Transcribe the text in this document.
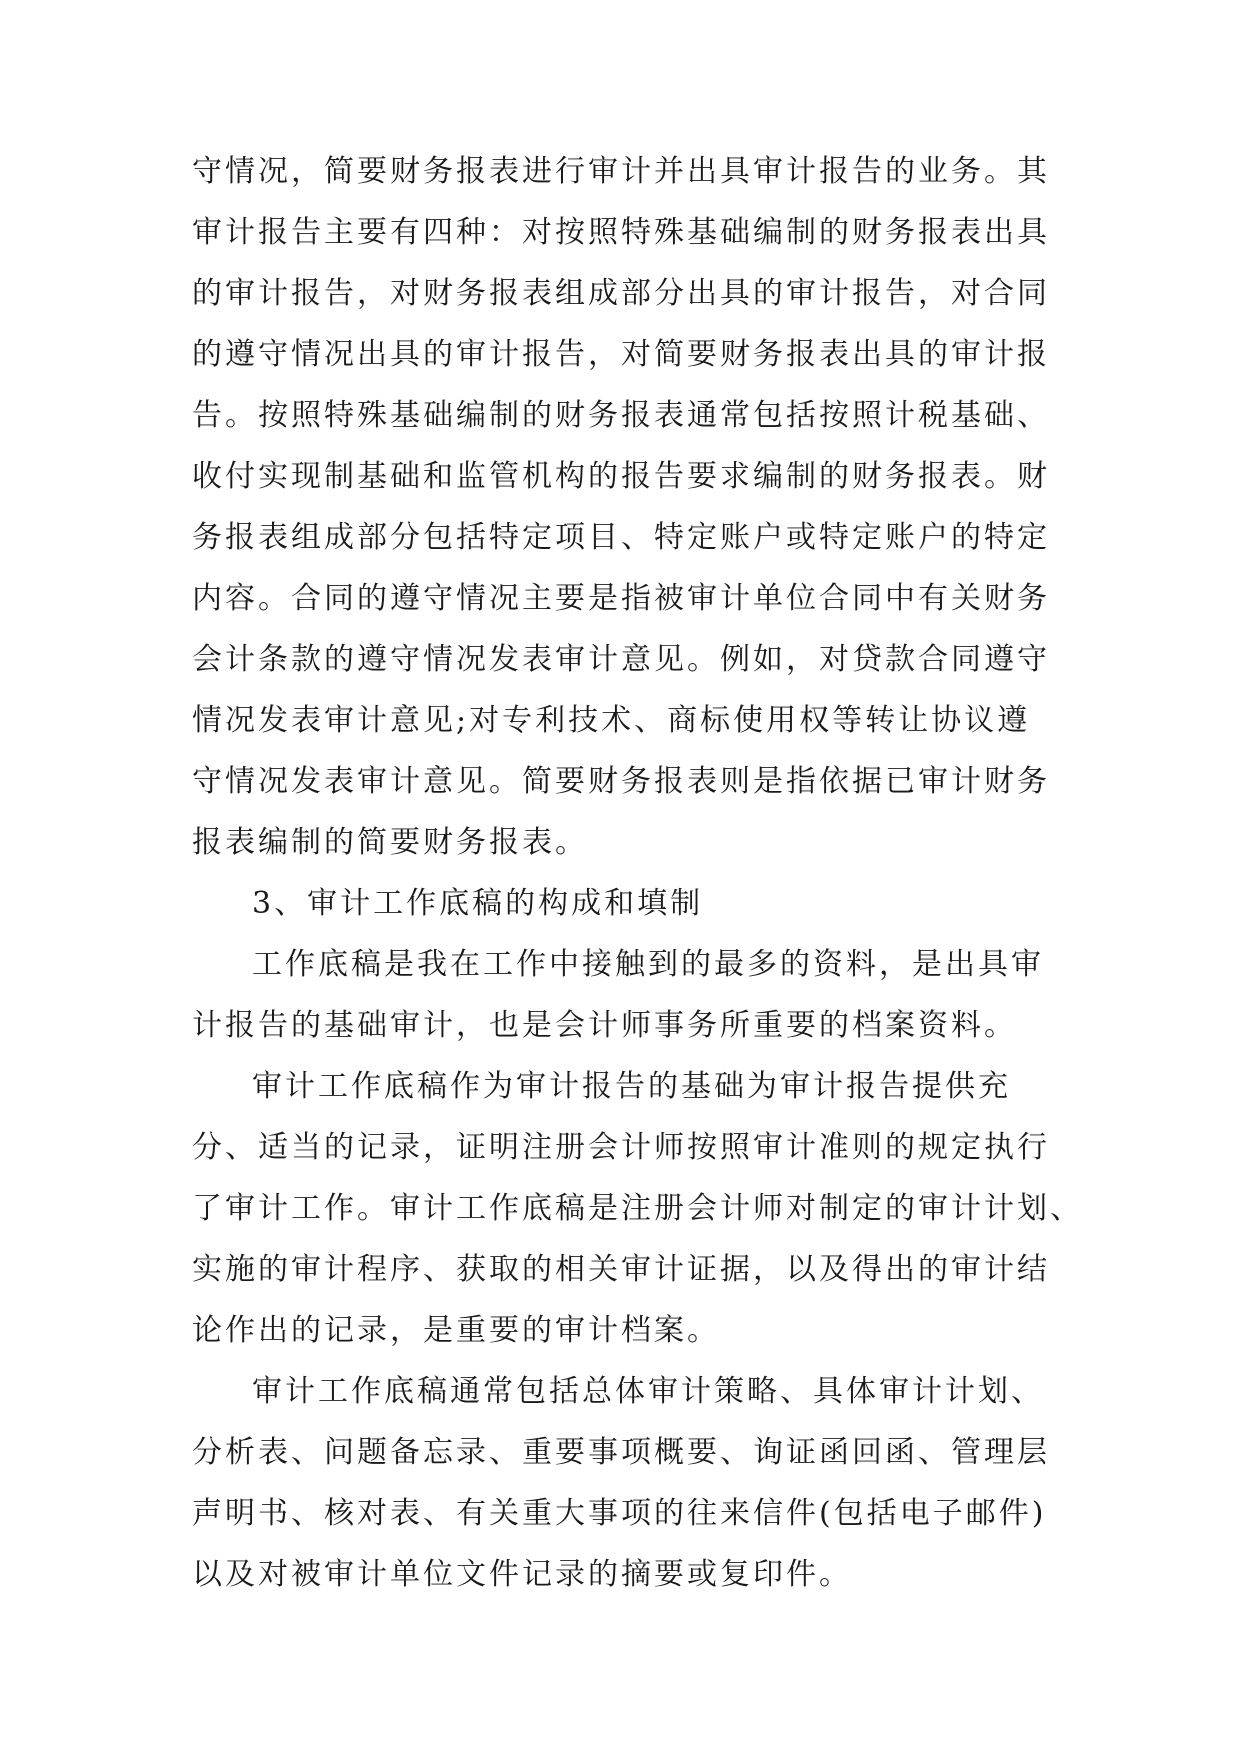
守情况，简要财务报表进行审计并出具审计报告的业务。其
审计报告主要有四种：对按照特殊基础编制的财务报表出具
的审计报告，对财务报表组成部分出具的审计报告，对合同
的遵守情况出具的审计报告，对简要财务报表出具的审计报
告。按照特殊基础编制的财务报表通常包括按照计税基础、
收付实现制基础和监管机构的报告要求编制的财务报表。财
务报表组成部分包括特定项目、特定账户或特定账户的特定
内容。合同的遵守情况主要是指被审计单位合同中有关财务
会计条款的遵守情况发表审计意见。例如，对贷款合同遵守
情况发表审计意见;对专利技术、商标使用权等转让协议遵
守情况发表审计意见。简要财务报表则是指依据已审计财务
报表编制的简要财务报表。
3、审计工作底稿的构成和填制
工作底稿是我在工作中接触到的最多的资料，是出具审
计报告的基础审计，也是会计师事务所重要的档案资料。
审计工作底稿作为审计报告的基础为审计报告提供充
分、适当的记录，证明注册会计师按照审计准则的规定执行
了审计工作。审计工作底稿是注册会计师对制定的审计计划、
实施的审计程序、获取的相关审计证据，以及得出的审计结
论作出的记录，是重要的审计档案。
审计工作底稿通常包括总体审计策略、具体审计计划、
分析表、问题备忘录、重要事项概要、询证函回函、管理层
声明书、核对表、有关重大事项的往来信件(包括电子邮件)
以及对被审计单位文件记录的摘要或复印件。
